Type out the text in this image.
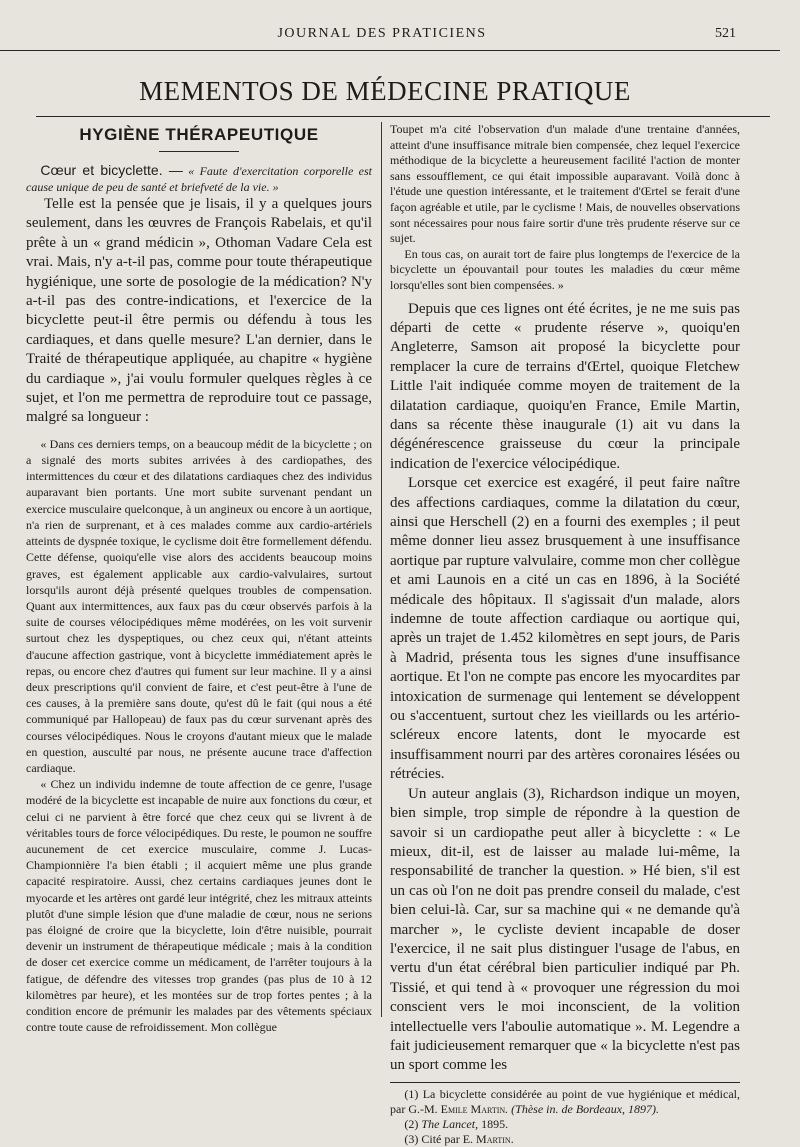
JOURNAL DES PRATICIENS	521
MEMENTOS DE MÉDECINE PRATIQUE
HYGIÈNE THÉRAPEUTIQUE

Cœur et bicyclette. — « Faute d'exercitation corporelle est cause unique de peu de santé et briefveté de la vie. »

Telle est la pensée que je lisais, il y a quelques jours seulement, dans les œuvres de François Rabelais, et qu'il prête à un « grand médicin », Othoman Vadare Cela est vrai. Mais, n'y a-t-il pas, comme pour toute thérapeutique hygiénique, une sorte de posologie de la médication? N'y a-t-il pas des contre-indications, et l'exercice de la bicyclette peut-il être permis ou défendu à tous les cardiaques, et dans quelle mesure? L'an dernier, dans le Traité de thérapeutique appliquée, au chapitre « hygiène du cardiaque », j'ai voulu formuler quelques règles à ce sujet, et l'on me permettra de reproduire tout ce passage, malgré sa longueur :

« Dans ces derniers temps, on a beaucoup médit de la bicyclette ; on a signalé des morts subites arrivées à des cardiopathes, des intermittences du cœur et des dilatations cardiaques chez des individus auparavant bien portants. Une mort subite survenant pendant un exercice musculaire quelconque, à un angineux ou encore à un aortique, n'a rien de surprenant, et à ces malades comme aux cardio-artériels atteints de dyspnée toxique, le cyclisme doit être formellement défendu. Cette défense, quoiqu'elle vise alors des accidents beaucoup moins graves, est également applicable aux cardio-valvulaires, surtout lorsqu'ils auront déjà présenté quelques troubles de compensation. Quant aux intermittences, aux faux pas du cœur observés parfois à la suite de courses vélocipédiques même modérées, on les voit survenir surtout chez les dyspeptiques, ou chez ceux qui, n'étant atteints d'aucune affection gastrique, vont à bicyclette immédiatement après le repas, ou encore chez d'autres qui fument sur leur machine. Il y a ainsi deux prescriptions qu'il convient de faire, et c'est peut-être à l'une de ces causes, à la première sans doute, qu'est dû le fait (qui nous a été communiqué par Hallopeau) de faux pas du cœur survenant après des courses vélocipédiques. Nous le croyons d'autant mieux que le malade en question, ausculté par nous, ne présente aucune trace d'affection cardiaque.

« Chez un individu indemne de toute affection de ce genre, l'usage modéré de la bicyclette est incapable de nuire aux fonctions du cœur, et celui ci ne parvient à être forcé que chez ceux qui se livrent à de véritables tours de force vélocipédiques. Du reste, le poumon ne souffre aucunement de cet exercice musculaire, comme J. Lucas-Championnière l'a bien établi ; il acquiert même une plus grande capacité respiratoire. Aussi, chez certains cardiaques jeunes dont le myocarde et les artères ont gardé leur intégrité, chez les mitraux atteints plutôt d'une simple lésion que d'une maladie de cœur, nous ne serions pas éloigné de croire que la bicyclette, loin d'être nuisible, pourrait devenir un instrument de thérapeutique médicale ; mais à la condition de doser cet exercice comme un médicament, de l'arrêter toujours à la fatigue, de défendre des vitesses trop grandes (pas plus de 10 à 12 kilomètres par heure), et les montées sur de trop fortes pentes ; à la condition encore de prémunir les malades par des vêtements spéciaux contre toute cause de refroidissement. Mon collègue

Toupet m'a cité l'observation d'un malade d'une trentaine d'années, atteint d'une insuffisance mitrale bien compensée, chez lequel l'exercice méthodique de la bicyclette a heureusement facilité l'action de monter sans essoufflement, ce qui était impossible auparavant. Voilà donc à l'étude une question intéressante, et le traitement d'Œrtel se ferait d'une façon agréable et utile, par le cyclisme ! Mais, de nouvelles observations sont nécessaires pour nous faire sortir d'une très prudente réserve sur ce sujet.

En tous cas, on aurait tort de faire plus longtemps de l'exercice de la bicyclette un épouvantail pour toutes les maladies du cœur même lorsqu'elles sont bien compensées. »

Depuis que ces lignes ont été écrites, je ne me suis pas départi de cette « prudente réserve », quoiqu'en Angleterre, Samson ait proposé la bicyclette pour remplacer la cure de terrains d'Œrtel, quoique Fletchew Little l'ait indiquée comme moyen de traitement de la dilatation cardiaque, quoiqu'en France, Emile Martin, dans sa récente thèse inaugurale (1) ait vu dans la dégénérescence graisseuse du cœur la principale indication de l'exercice vélocipédique.

Lorsque cet exercice est exagéré, il peut faire naître des affections cardiaques, comme la dilatation du cœur, ainsi que Herschell (2) en a fourni des exemples ; il peut même donner lieu assez brusquement à une insuffisance aortique par rupture valvulaire, comme mon cher collègue et ami Launois en a cité un cas en 1896, à la Société médicale des hôpitaux. Il s'agissait d'un malade, alors indemne de toute affection cardiaque ou aortique qui, après un trajet de 1.452 kilomètres en sept jours, de Paris à Madrid, présenta tous les signes d'une insuffisance aortique. Et l'on ne compte pas encore les myocardites par intoxication de surmenage qui lentement se développent ou s'accentuent, surtout chez les vieillards ou les artério-scléreux encore latents, dont le myocarde est insuffisamment nourri par des artères coronaires lésées ou rétrécies.

Un auteur anglais (3), Richardson indique un moyen, bien simple, trop simple de répondre à la question de savoir si un cardiopathe peut aller à bicyclette : « Le mieux, dit-il, est de laisser au malade lui-même, la responsabilité de trancher la question. » Hé bien, s'il est un cas où l'on ne doit pas prendre conseil du malade, c'est bien celui-là. Car, sur sa machine qui « ne demande qu'à marcher », le cycliste devient incapable de doser l'exercice, il ne sait plus distinguer l'usage de l'abus, en vertu d'un état cérébral bien particulier indiqué par Ph. Tissié, et qui tend à « provoquer une régression du moi conscient vers le moi inconscient, de la volition intellectuelle vers l'aboulie automatique ». M. Legendre a fait judicieusement remarquer que « la bicyclette n'est pas un sport comme les

(1) La bicyclette considérée au point de vue hygiénique et médical, par G.-M. Emile Martin. (Thèse in. de Bordeaux, 1897).

(2) The Lancet, 1895.

(3) Cité par E. Martin.
